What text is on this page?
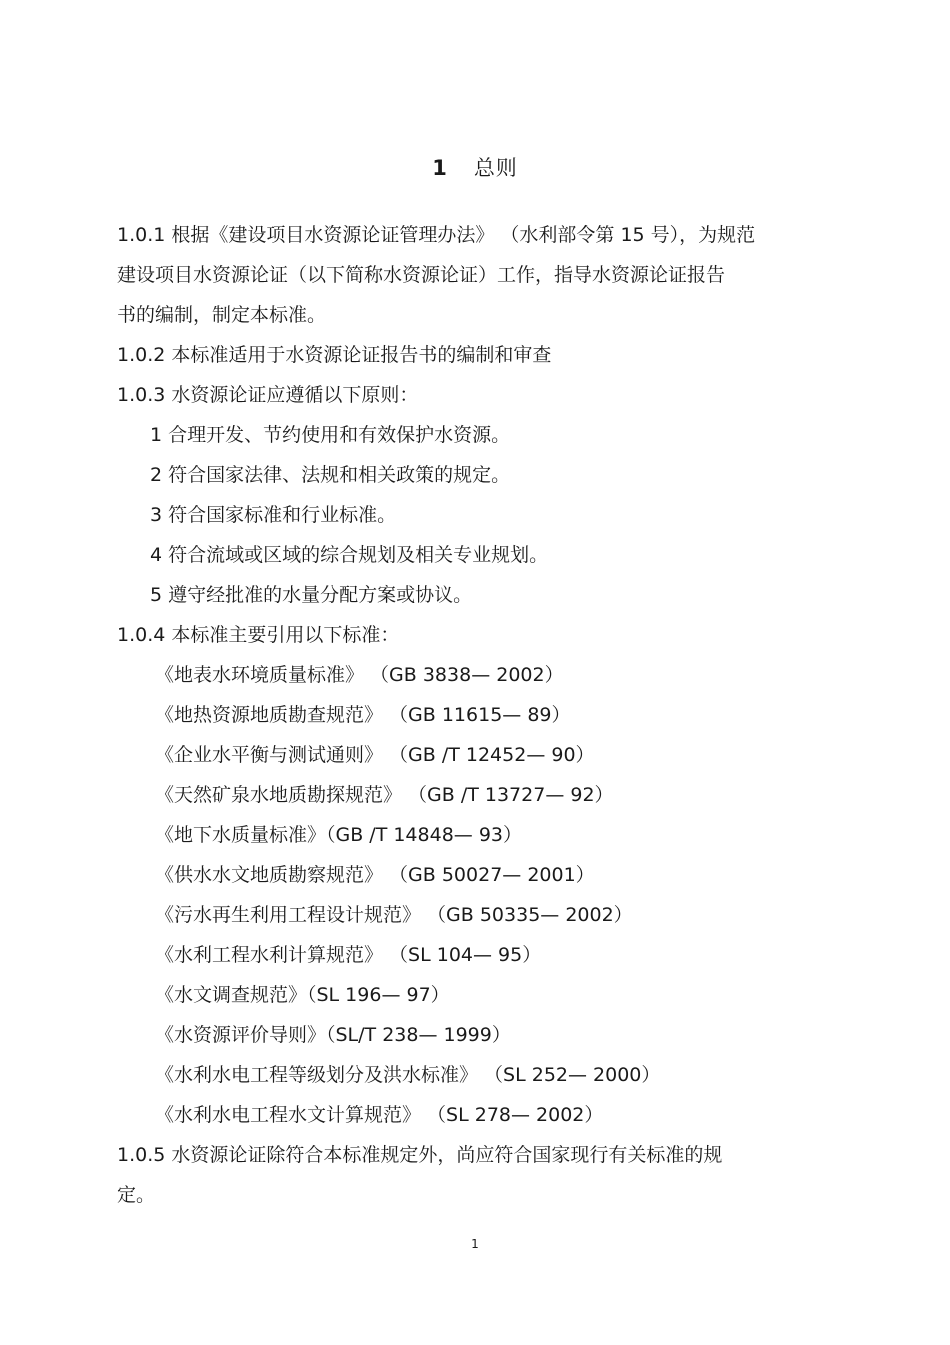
1 总则
1.0.1 根据《建设项目水资源论证管理办法》 （水利部令第 15 号），为规范
建设项目水资源论证（以下简称水资源论证）工作，指导水资源论证报告
书的编制，制定本标准。
1.0.2 本标准适用于水资源论证报告书的编制和审查
1.0.3 水资源论证应遵循以下原则：
1 合理开发、节约使用和有效保护水资源。
2 符合国家法律、法规和相关政策的规定。
3 符合国家标准和行业标准。
4 符合流域或区域的综合规划及相关专业规划。
5 遵守经批准的水量分配方案或协议。
1.0.4 本标准主要引用以下标准：
《地表水环境质量标准》 （GB 3838— 2002）
《地热资源地质勘查规范》 （GB 11615— 89）
《企业水平衡与测试通则》 （GB /T 12452— 90）
《天然矿泉水地质勘探规范》 （GB /T 13727— 92）
《地下水质量标准》（GB /T 14848— 93）
《供水水文地质勘察规范》 （GB 50027— 2001）
《污水再生利用工程设计规范》 （GB 50335— 2002）
《水利工程水利计算规范》 （SL 104— 95）
《水文调查规范》（SL 196— 97）
《水资源评价导则》（SL/T 238— 1999）
《水利水电工程等级划分及洪水标准》 （SL 252— 2000）
《水利水电工程水文计算规范》 （SL 278— 2002）
1.0.5 水资源论证除符合本标准规定外，尚应符合国家现行有关标准的规
定。
1
